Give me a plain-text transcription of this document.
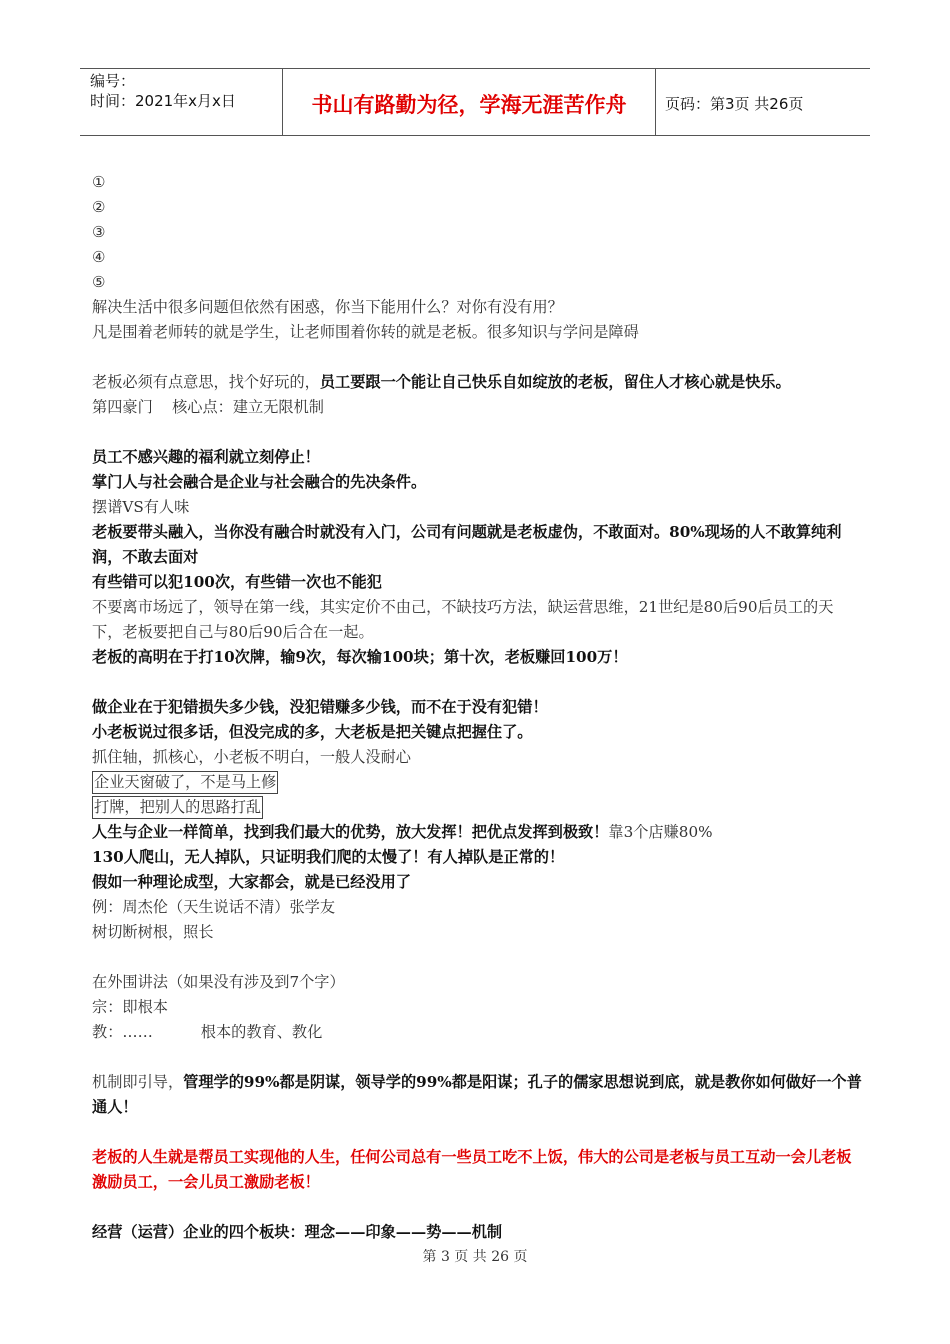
编号：
时间：2021年x月x日	书山有路勤为径，学海无涯苦作舟	页码：第3页 共26页
①
②
③
④
⑤
解决生活中很多问题但依然有困惑，你当下能用什么？对你有没有用？
凡是围着老师转的就是学生，让老师围着你转的就是老板。很多知识与学问是障碍
老板必须有点意思，找个好玩的，员工要跟一个能让自己快乐自如绽放的老板，留住人才核心就是快乐。
第四豪门 核心点：建立无限机制
员工不感兴趣的福利就立刻停止！
掌门人与社会融合是企业与社会融合的先决条件。
摆谱VS有人味
老板要带头融入，当你没有融合时就没有入门，公司有问题就是老板虚伪，不敢面对。80%现场的人不敢算纯利润，不敢去面对
有些错可以犯100次，有些错一次也不能犯
不要离市场远了，领导在第一线，其实定价不由己，不缺技巧方法，缺运营思维，21世纪是80后90后员工的天下，老板要把自己与80后90后合在一起。
老板的高明在于打10次牌，输9次，每次输100块；第十次，老板赚回100万！
做企业在于犯错损失多少钱，没犯错赚多少钱，而不在于没有犯错！
小老板说过很多话，但没完成的多，大老板是把关键点把握住了。
抓住轴，抓核心，小老板不明白，一般人没耐心
企业天窗破了，不是马上修
打牌，把别人的思路打乱
人生与企业一样简单，找到我们最大的优势，放大发挥！把优点发挥到极致！靠3个店赚80%
130人爬山，无人掉队，只证明我们爬的太慢了！有人掉队是正常的！
假如一种理论成型，大家都会，就是已经没用了
例：周杰伦（天生说话不清）张学友
树切断树根，照长
在外围讲法（如果没有涉及到7个字）
宗：即根本
教：……	根本的教育、教化
机制即引导，管理学的99%都是阴谋，领导学的99%都是阳谋；孔子的儒家思想说到底，就是教你如何做好一个普通人！
老板的人生就是帮员工实现他的人生，任何公司总有一些员工吃不上饭，伟大的公司是老板与员工互动一会儿老板激励员工，一会儿员工激励老板！
经营（运营）企业的四个板块：理念——印象——势——机制
第 3 页 共 26 页
